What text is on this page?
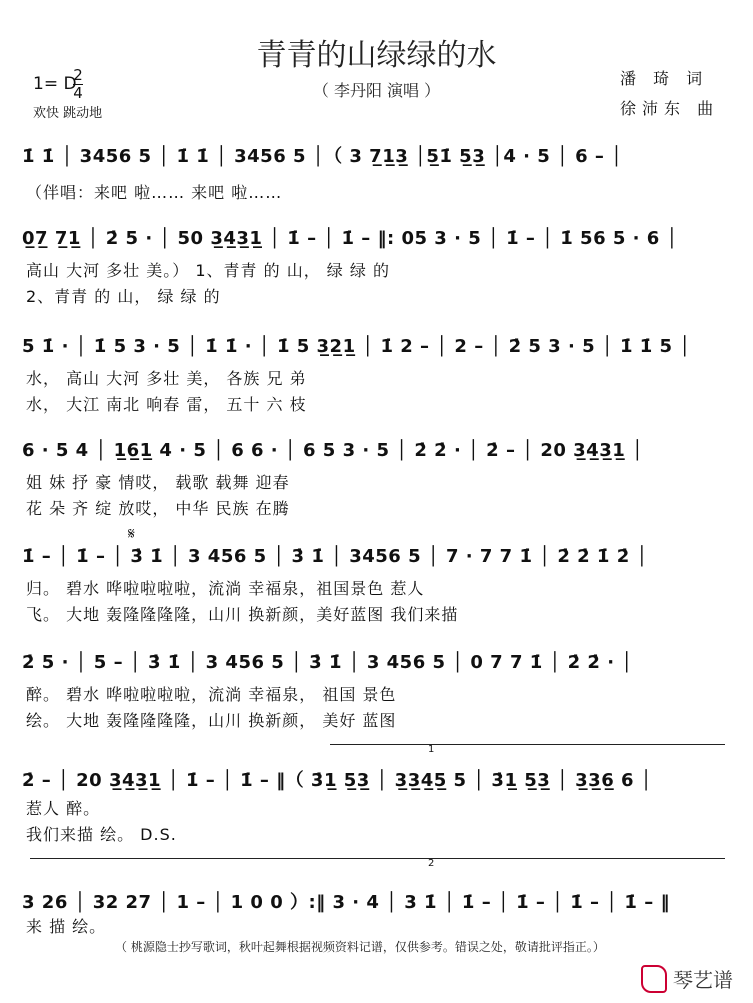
青青的山绿绿的水
（ 李丹阳 演唱 ）
1= D
2
4
欢快 跳动地
潘 琦 词
徐沛东 曲
1̇ 1̇ │ 3456 5 │ 1̇ 1̇ │ 3456 5 │（ 3 7̲1̲3̲ │5̲1̇ 5̲3̲ │4 · 5 │ 6 – │
（伴唱：来吧 啦…… 来吧 啦……
0̲7̲ 7̲1̲ │ 2̇ 5 · │ 50 3̲4̲3̲1̲ │ 1̇ – │ 1̇ – ‖: 05 3 · 5 │ 1̇ – │ 1̇ 56 5 · 6 │
高山 大河 多壮 美。） 1、青青 的 山， 绿 绿 的
2、青青 的 山， 绿 绿 的
5 1̇ · │ 1̇ 5 3 · 5 │ 1̇ 1̇ · │ 1̇ 5 3̲2̲1̲ │ 1̇ 2 – │ 2 – │ 2̇ 5 3 · 5 │ 1̇ 1̇ 5 │
水， 高山 大河 多壮 美， 各族 兄 弟
水， 大江 南北 响春 雷， 五十 六 枝
6 · 5 4 │ 1̲6̲1̲ 4 · 5 │ 6 6 · │ 6 5 3 · 5 │ 2̇ 2̇ · │ 2̇ – │ 20 3̲4̲3̲1̲ │
姐 妹 抒 豪 情哎， 载歌 载舞 迎春
花 朵 齐 绽 放哎， 中华 民族 在腾
𝄋
1̇ – │ 1̇ – │ 3̇ 1̇ │ 3 456 5 │ 3̇ 1̇ │ 3456 5 │ 7 · 7 7 1̇ │ 2̇ 2̇ 1̇ 2̇ │
归。 碧水 哗啦啦啦啦，流淌 幸福泉，祖国景色 惹人
飞。 大地 轰隆隆隆隆，山川 换新颜，美好蓝图 我们来描
2̇ 5 · │ 5 – │ 3̇ 1̇ │ 3 456 5 │ 3̇ 1̇ │ 3 456 5 │ 0 7 7 1̇ │ 2̇ 2̇ · │
醉。 碧水 哗啦啦啦啦，流淌 幸福泉， 祖国 景色
绘。 大地 轰隆隆隆隆，山川 换新颜， 美好 蓝图
1
2̇ – │ 20 3̲4̲3̲1̲ │ 1̇ – │ 1̇ – ‖（ 3̇1̲ 5̲3̲ │ 3̲3̲4̲5̲ 5 │ 3̇1̲ 5̲3̲ │ 3̲3̲6̲ 6 │
惹人 醉。
我们来描 绘。 D.S.
2
3 26 │ 32 27 │ 1 – │ 1 0 0 ）:‖ 3 · 4 │ 3 1̇ │ 1̇ – │ 1̇ – │ 1̇ – │ 1̇ – ‖
来 描 绘。
（ 桃源隐士抄写歌词，秋叶起舞根据视频资料记谱，仅供参考。错误之处，敬请批评指正。）
琴艺谱
